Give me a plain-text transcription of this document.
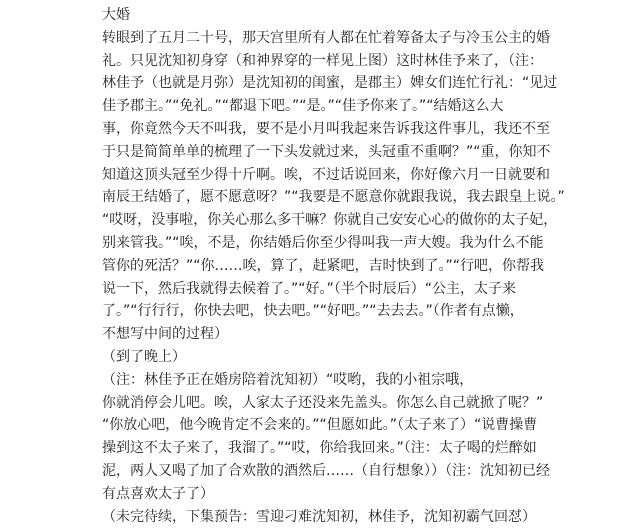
大婚

转眼到了五月二十号，那天宫里所有人都在忙着筹备太子与冷玉公主的婚
礼。只见沈知初身穿（和神界穿的一样见上图）这时林佳予来了，（注：
林佳予（也就是月弥）是沈知初的闺蜜，是郡主）婢女们连忙行礼：“见过
佳予郡主。”“免礼。”“都退下吧。”“是。”“佳予你来了。”“结婚这么大
事，你竟然今天不叫我，要不是小月叫我起来告诉我这件事儿，我还不至
于只是简简单单的梳理了一下头发就过来，头冠重不重啊？”“重，你知不
知道这顶头冠至少得十斤啊。唉，不过话说回来，你好像六月一日就要和
南辰王结婚了，愿不愿意呀？”“我要是不愿意你就跟我说，我去跟皇上说。”
“哎呀，没事啦，你关心那么多干嘛？你就自己安安心心的做你的太子妃，
别来管我。”“唉，不是，你结婚后你至少得叫我一声大嫂。我为什么不能
管你的死活？”“你……唉，算了，赶紧吧，吉时快到了。”“行吧，你帮我
说一下，然后我就得去候着了。”“好。”（半个时辰后）“公主，太子来
了。”“行行行，你快去吧，快去吧。”“好吧。”“去去去。”（作者有点懒，
不想写中间的过程）

（到了晚上）
（注：林佳予正在婚房陪着沈知初）“哎哟，我的小祖宗哦，
你就消停会儿吧。唉，人家太子还没来先盖头。你怎么自己就掀了呢？”
“你放心吧，他今晚肯定不会来的。”“但愿如此。”（太子来了）“说曹操曹
操到这不太子来了，我溜了。”“哎，你给我回来。”（注：太子喝的烂醉如
泥，两人又喝了加了合欢散的酒然后……（自行想象））（注：沈知初已经
有点喜欢太子了）
（未完待续，下集预告：雪迎刁难沈知初，林佳予，沈知初霸气回怼）
